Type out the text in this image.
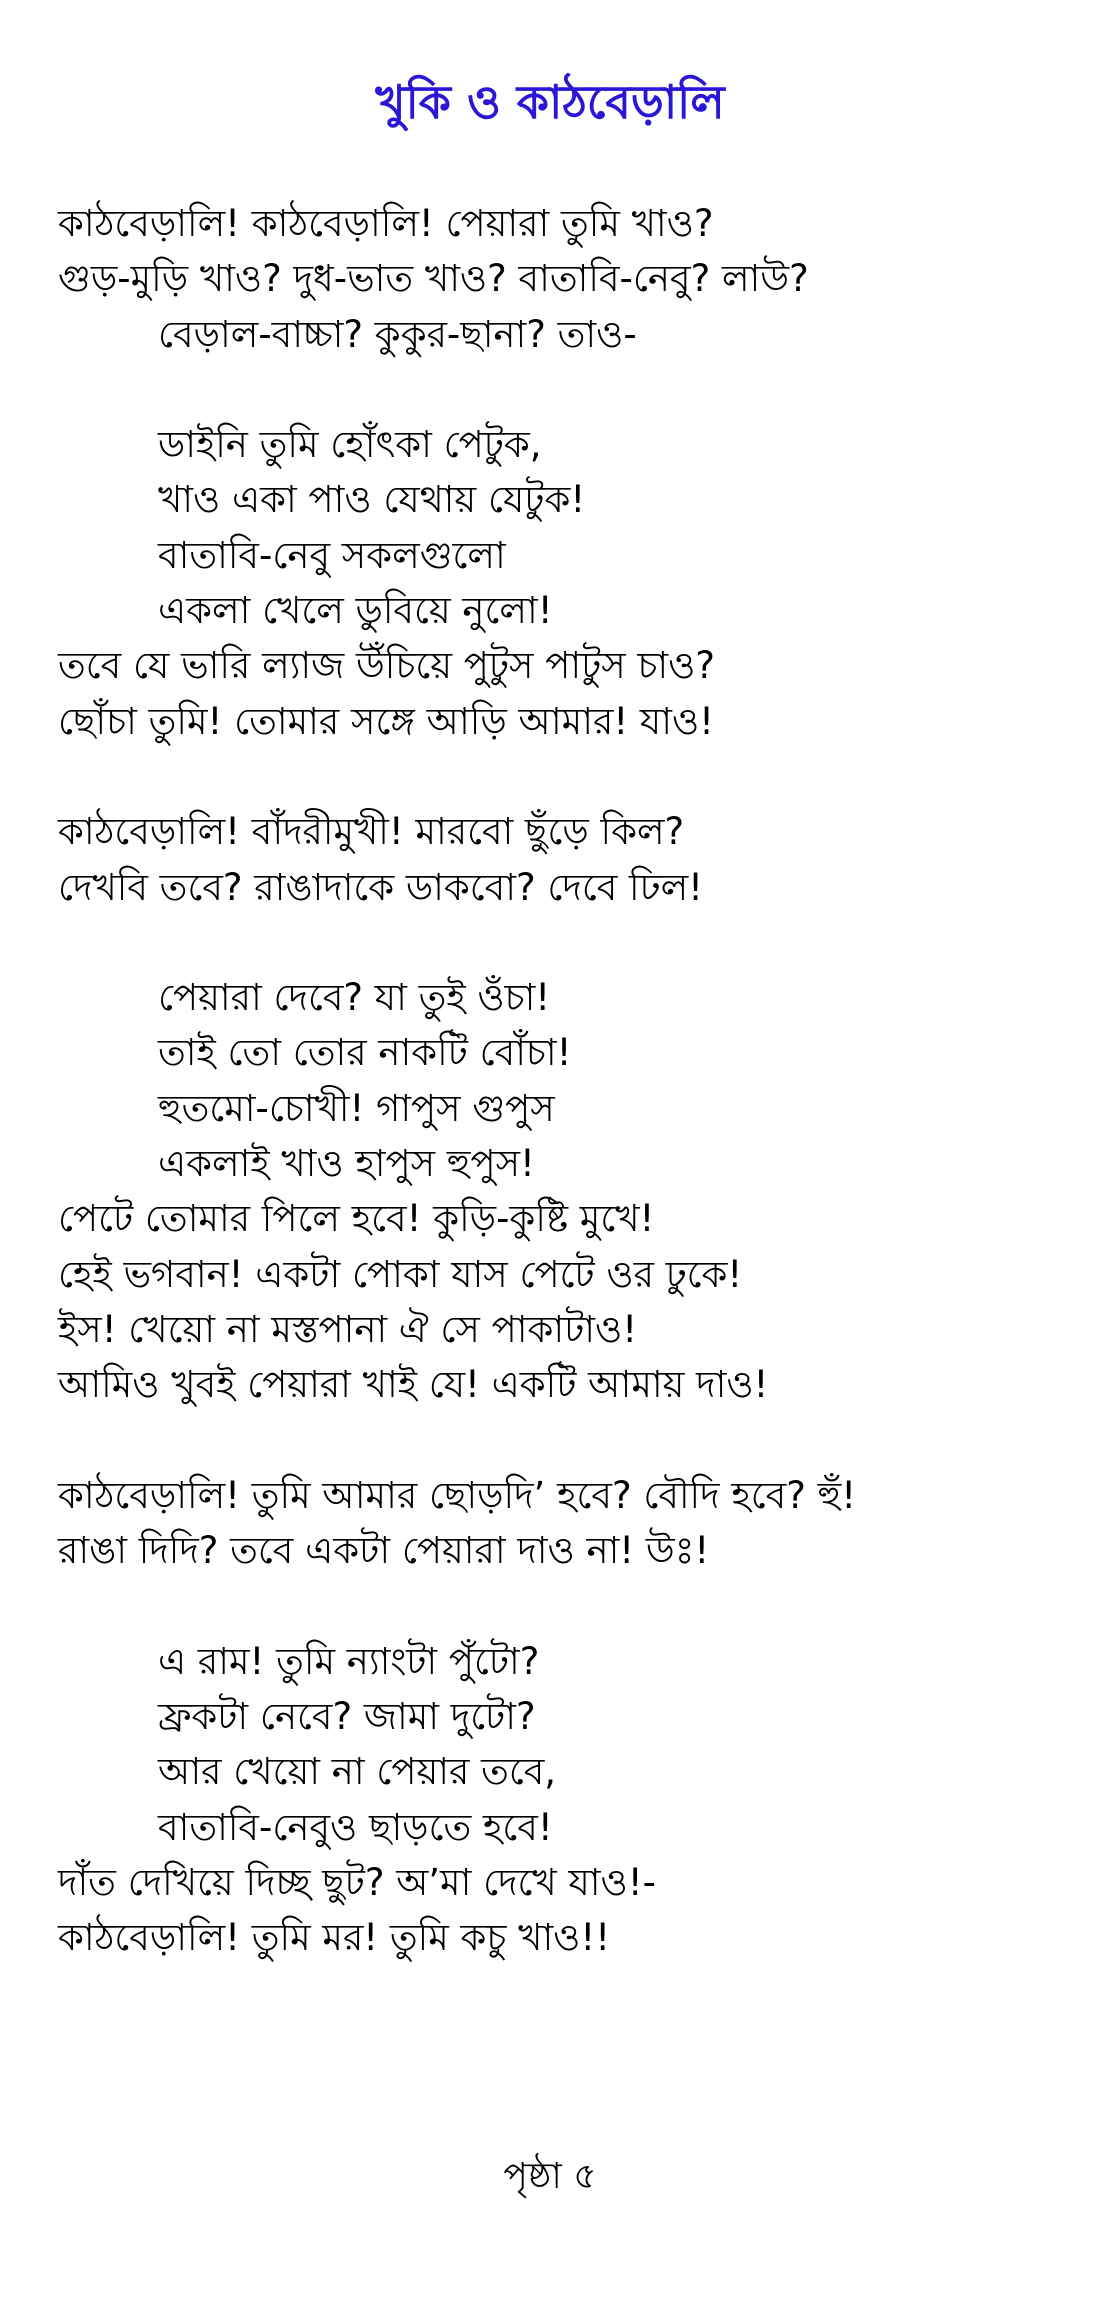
খুকি ও কাঠবেড়ালি
কাঠবেড়ালি! কাঠবেড়ালি! পেয়ারা তুমি খাও?
গুড়-মুড়ি খাও? দুধ-ভাত খাও? বাতাবি-নেবু? লাউ?
বেড়াল-বাচ্চা? কুকুর-ছানা? তাও-
ডাইনি তুমি হোঁৎকা পেটুক,
খাও একা পাও যেথায় যেটুক!
বাতাবি-নেবু সকলগুলো
একলা খেলে ডুবিয়ে নুলো!
তবে যে ভারি ল্যাজ উঁচিয়ে পুটুস পাটুস চাও?
ছোঁচা তুমি! তোমার সঙ্গে আড়ি আমার! যাও!
কাঠবেড়ালি! বাঁদরীমুখী! মারবো ছুঁড়ে কিল?
দেখবি তবে? রাঙাদাকে ডাকবো? দেবে ঢিল!
পেয়ারা দেবে? যা তুই ওঁচা!
তাই তো তোর নাকটি বোঁচা!
হুতমো-চোখী! গাপুস গুপুস
একলাই খাও হাপুস হুপুস!
পেটে তোমার পিলে হবে! কুড়ি-কুষ্টি মুখে!
হেই ভগবান! একটা পোকা যাস পেটে ওর ঢুকে!
ইস! খেয়ো না মস্তপানা ঐ সে পাকাটাও!
আমিও খুবই পেয়ারা খাই যে! একটি আমায় দাও!
কাঠবেড়ালি! তুমি আমার ছোড়দি’ হবে? বৌদি হবে? হুঁ!
রাঙা দিদি? তবে একটা পেয়ারা দাও না! উঃ!
এ রাম! তুমি ন্যাংটা পুঁটো?
ফ্রকটা নেবে? জামা দুটো?
আর খেয়ো না পেয়ার তবে,
বাতাবি-নেবুও ছাড়তে হবে!
দাঁত দেখিয়ে দিচ্ছ ছুট? অ’মা দেখে যাও!-
কাঠবেড়ালি! তুমি মর! তুমি কচু খাও!!
পৃষ্ঠা ৫
